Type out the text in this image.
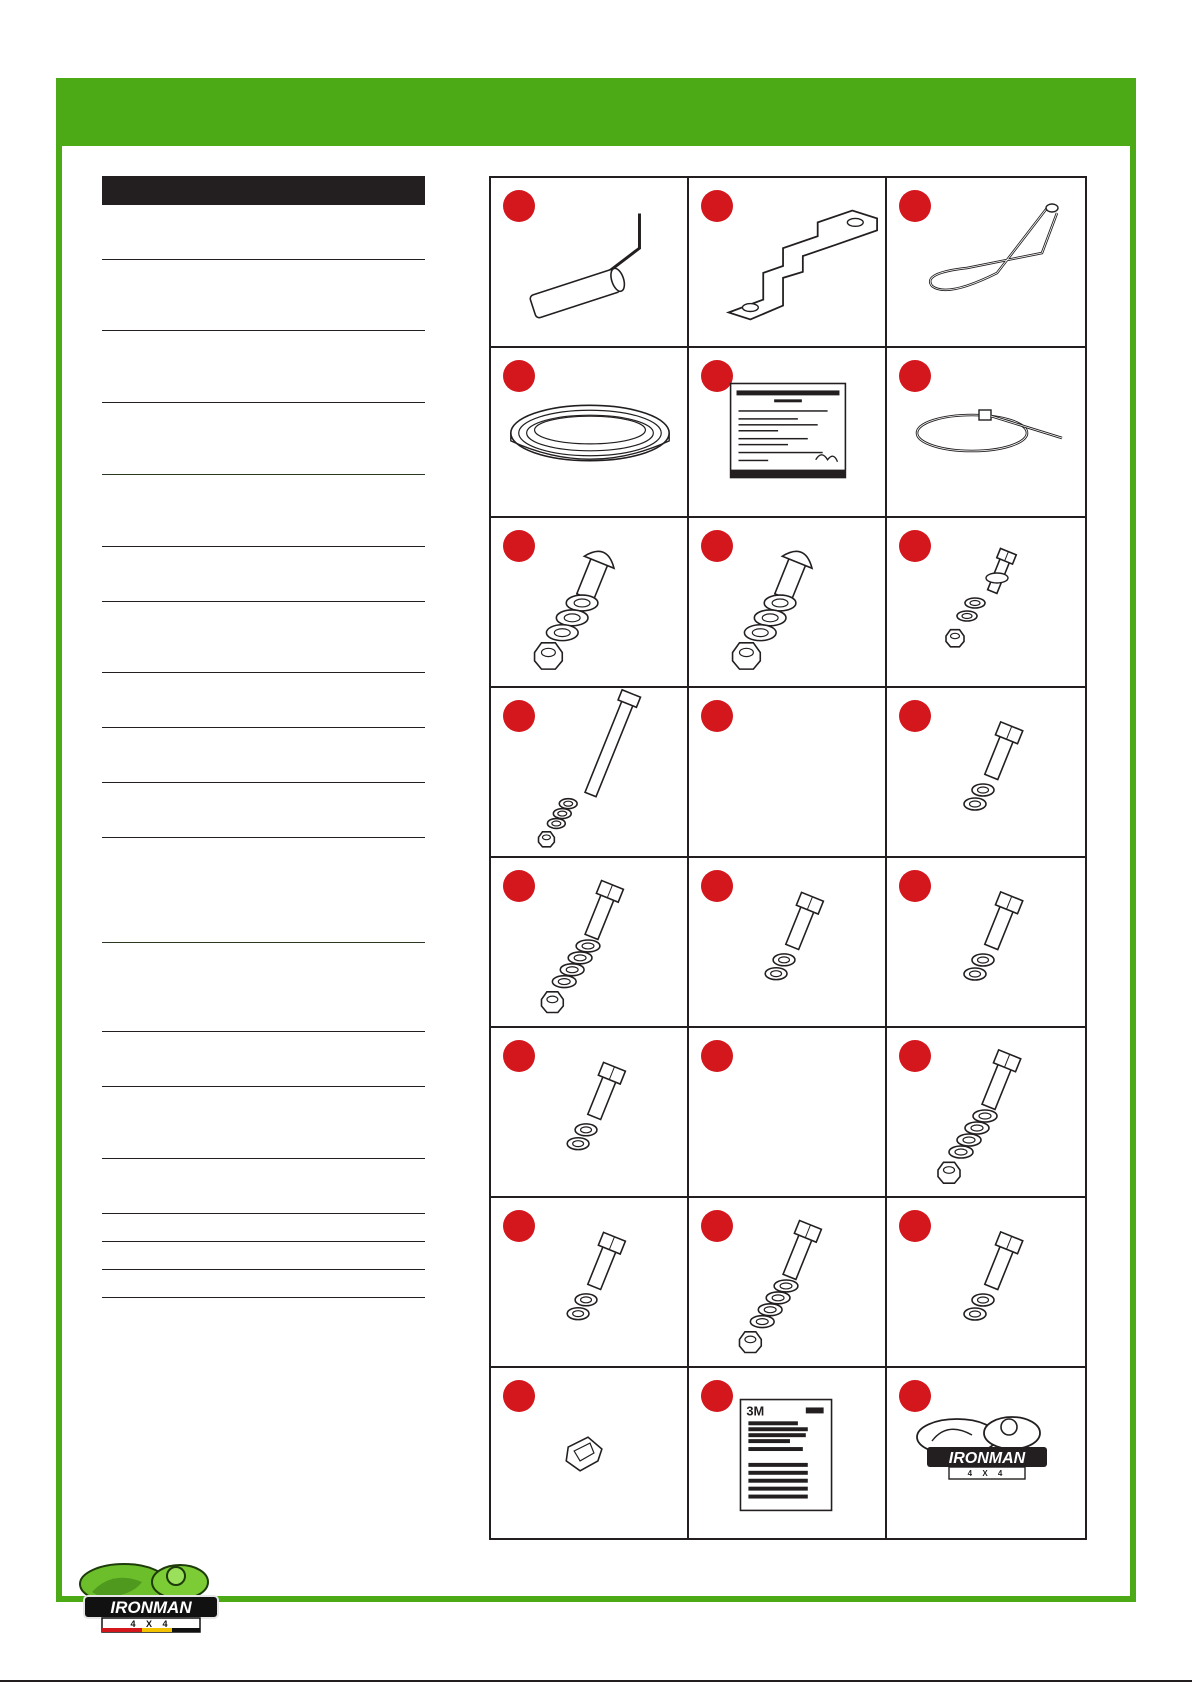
3M
IRONMAN
4 X 4
IRONMAN
4 X 4
